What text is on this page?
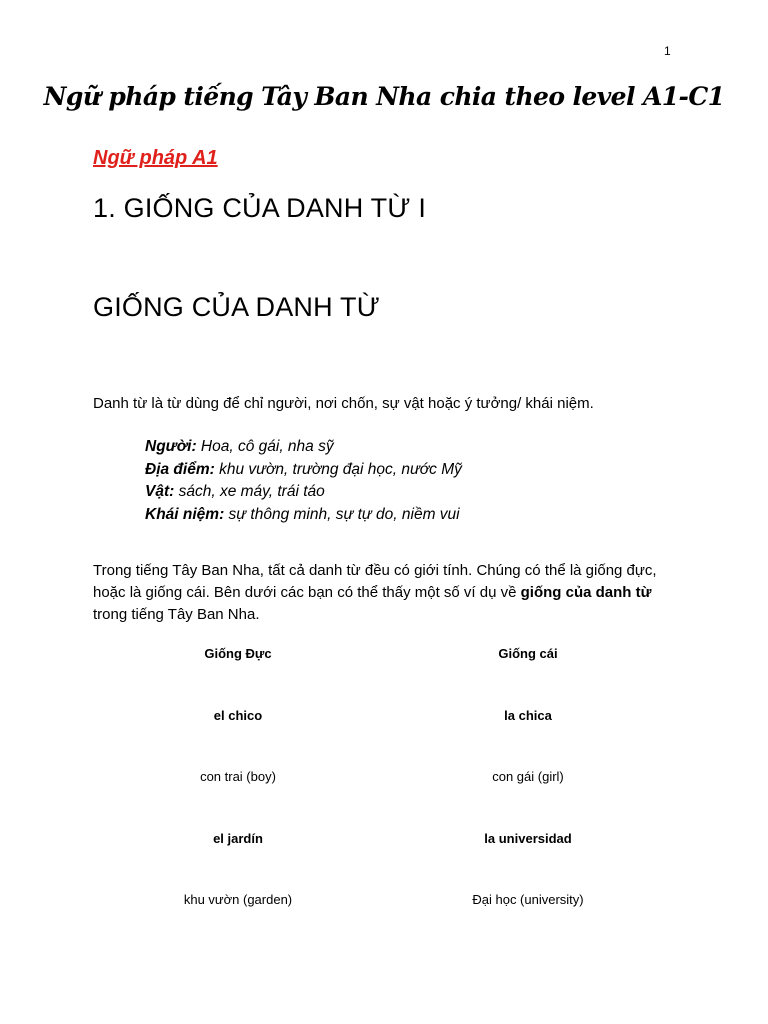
1
Ngữ pháp tiếng Tây Ban Nha chia theo level A1-C1
Ngữ pháp A1
1. GIỐNG CỦA DANH TỪ I
GIỐNG CỦA DANH TỪ

Danh từ là từ dùng để chỉ người, nơi chốn, sự vật hoặc ý tưởng/ khái niệm.

Người: Hoa, cô gái, nha sỹ
Địa điểm: khu vườn, trường đại học, nước Mỹ
Vật: sách, xe máy, trái táo
Khái niệm: sự thông minh, sự tự do, niềm vui

Trong tiếng Tây Ban Nha, tất cả danh từ đều có giới tính. Chúng có thể là giống đực, hoặc là giống cái. Bên dưới các bạn có thể thấy một số ví dụ về giống của danh từ trong tiếng Tây Ban Nha.

Giống Đực	Giống cái
el chico	la chica
con trai (boy)	con gái (girl)
el jardín	la universidad
khu vườn (garden)	Đại học (university)
